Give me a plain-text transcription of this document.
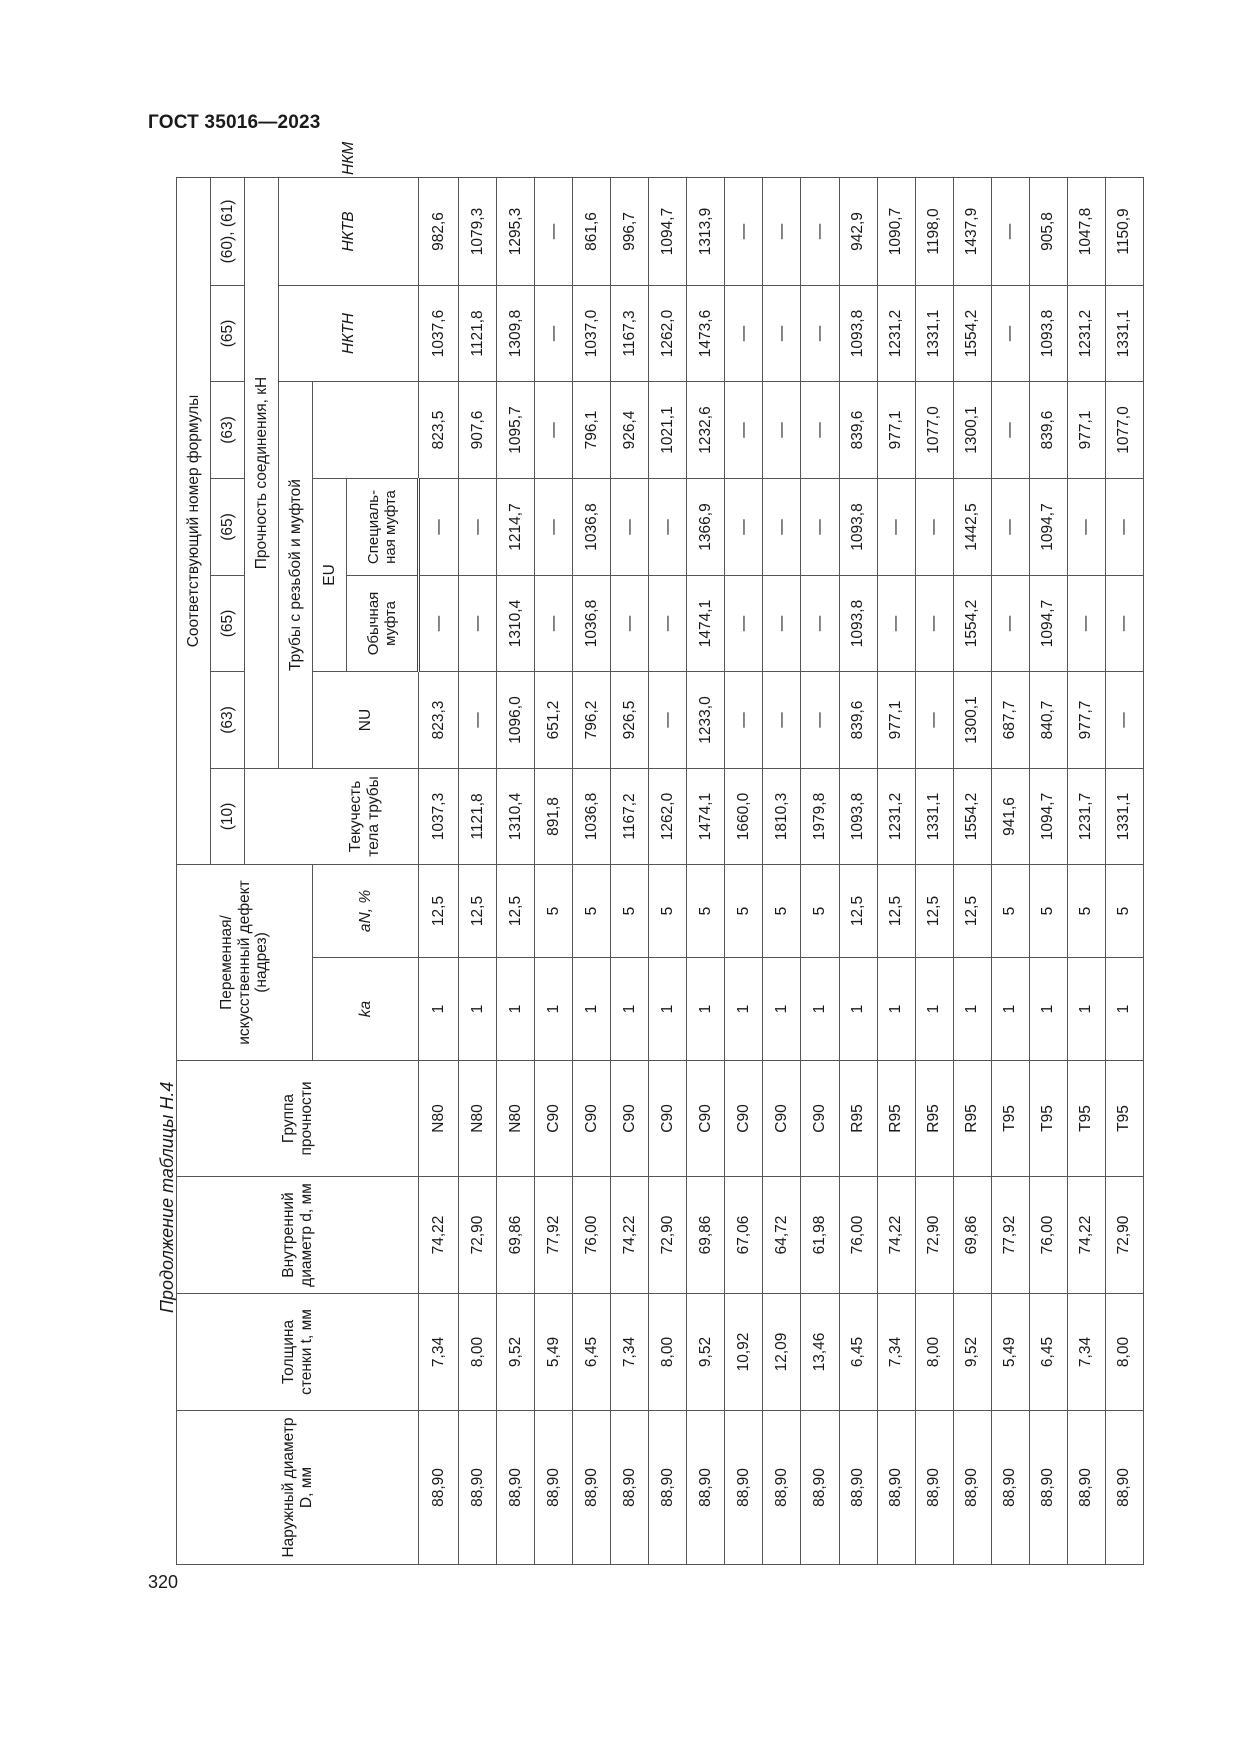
ГОСТ 35016—2023
Продолжение таблицы Н.4
320
Наружный диаметр D, мм	Толщина стенки t, мм	Внутренний диаметр d, мм	Группа прочности	Переменная/ искусственный дефект (надрез)		Соответствующий номер формулы							
						(10)	(63)	(65)	(65)	(63)	(65)	(60), (61)	
							Прочность соединения, кН						
							Трубы с резьбой и муфтой				НКТН	НКТВ	НКМ
				kа	aN, %	Текучесть тела трубы	NU	EU					
								Обычная муфта	Специаль-ная муфта				
88,90	7,34	74,22	N80	1	12,5	1037,3	823,3	—	—	823,5	1037,6	982,6	
88,90	8,00	72,90	N80	1	12,5	1121,8	—	—	—	907,6	1121,8	1079,3	
88,90	9,52	69,86	N80	1	12,5	1310,4	1096,0	1310,4	1214,7	1095,7	1309,8	1295,3	
88,90	5,49	77,92	C90	1	5	891,8	651,2	—	—	—	—	—	
88,90	6,45	76,00	C90	1	5	1036,8	796,2	1036,8	1036,8	796,1	1037,0	861,6	
88,90	7,34	74,22	C90	1	5	1167,2	926,5	—	—	926,4	1167,3	996,7	
88,90	8,00	72,90	C90	1	5	1262,0	—	—	—	1021,1	1262,0	1094,7	
88,90	9,52	69,86	C90	1	5	1474,1	1233,0	1474,1	1366,9	1232,6	1473,6	1313,9	
88,90	10,92	67,06	C90	1	5	1660,0	—	—	—	—	—	—	
88,90	12,09	64,72	C90	1	5	1810,3	—	—	—	—	—	—	
88,90	13,46	61,98	C90	1	5	1979,8	—	—	—	—	—	—	
88,90	6,45	76,00	R95	1	12,5	1093,8	839,6	1093,8	1093,8	839,6	1093,8	942,9	
88,90	7,34	74,22	R95	1	12,5	1231,2	977,1	—	—	977,1	1231,2	1090,7	
88,90	8,00	72,90	R95	1	12,5	1331,1	—	—	—	1077,0	1331,1	1198,0	
88,90	9,52	69,86	R95	1	12,5	1554,2	1300,1	1554,2	1442,5	1300,1	1554,2	1437,9	
88,90	5,49	77,92	T95	1	5	941,6	687,7	—	—	—	—	—	
88,90	6,45	76,00	T95	1	5	1094,7	840,7	1094,7	1094,7	839,6	1093,8	905,8	
88,90	7,34	74,22	T95	1	5	1231,7	977,7	—	—	977,1	1231,2	1047,8	
88,90	8,00	72,90	T95	1	5	1331,1	—	—	—	1077,0	1331,1	1150,9	
